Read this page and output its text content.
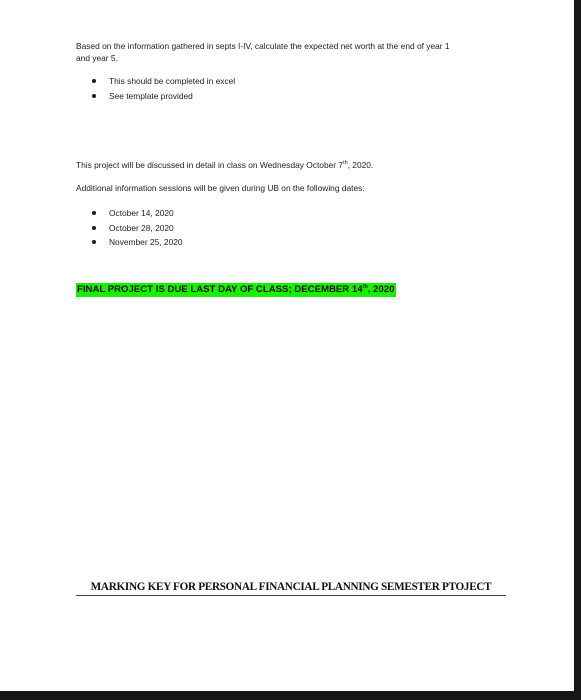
Based on the information gathered in septs I-IV, calculate the expected net worth at the end of year 1
and year 5.
This should be completed in excel
See template provided
This project will be discussed in detail in class on Wednesday October 7th, 2020.
Additional information sessions will be given during UB on the following dates:
October 14, 2020
October 28, 2020
November 25, 2020
FINAL PROJECT IS DUE LAST DAY OF CLASS; DECEMBER 14th, 2020
MARKING KEY FOR PERSONAL FINANCIAL PLANNING SEMESTER PTOJECT
